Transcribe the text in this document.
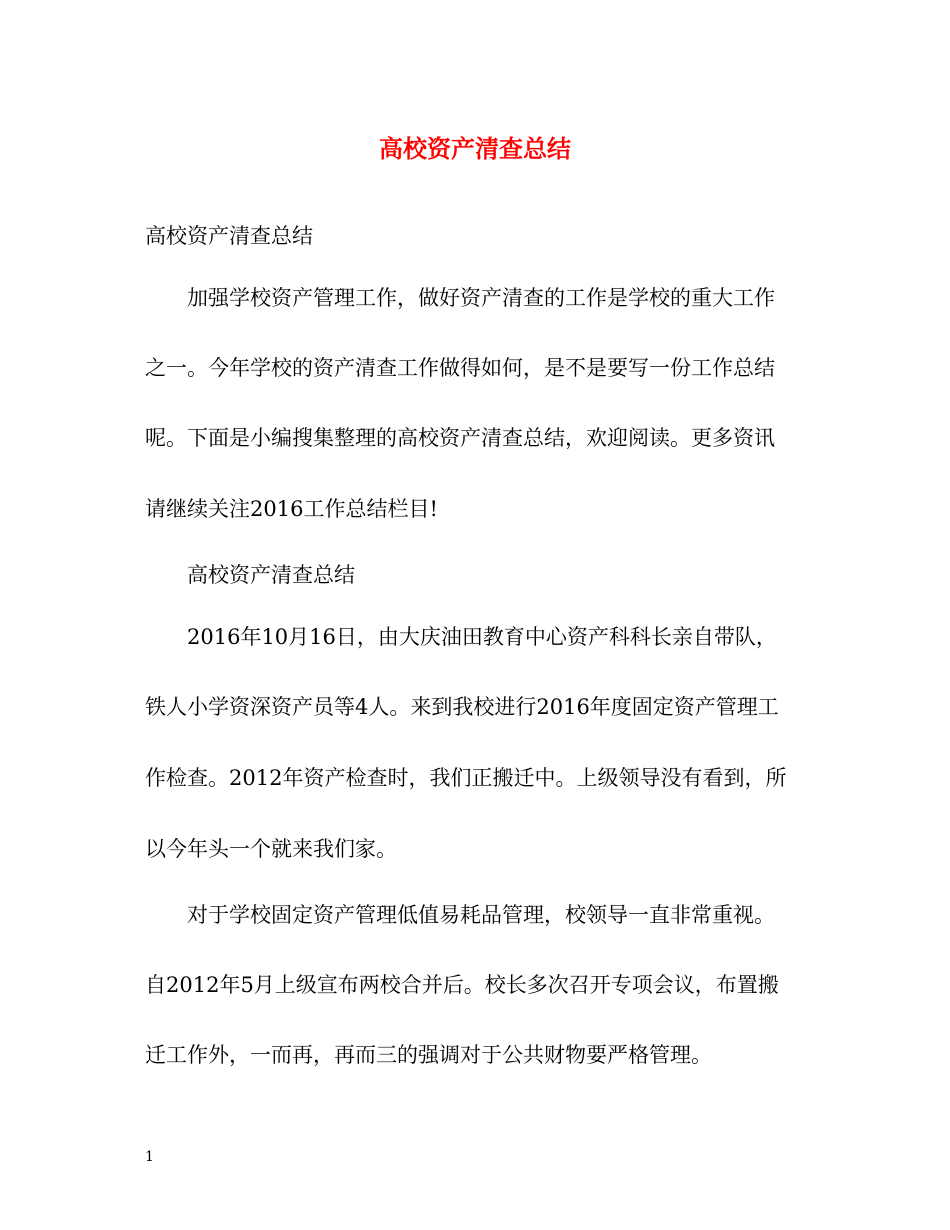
高校资产清查总结
高校资产清查总结
加强学校资产管理工作，做好资产清查的工作是学校的重大工作
之一。今年学校的资产清查工作做得如何，是不是要写一份工作总结
呢。下面是小编搜集整理的高校资产清查总结，欢迎阅读。更多资讯
请继续关注2016工作总结栏目!
高校资产清查总结
2016年10月16日，由大庆油田教育中心资产科科长亲自带队，
铁人小学资深资产员等4人。来到我校进行2016年度固定资产管理工
作检查。2012年资产检查时，我们正搬迁中。上级领导没有看到，所
以今年头一个就来我们家。
对于学校固定资产管理低值易耗品管理，校领导一直非常重视。
自2012年5月上级宣布两校合并后。校长多次召开专项会议，布置搬
迁工作外，一而再，再而三的强调对于公共财物要严格管理。
1
